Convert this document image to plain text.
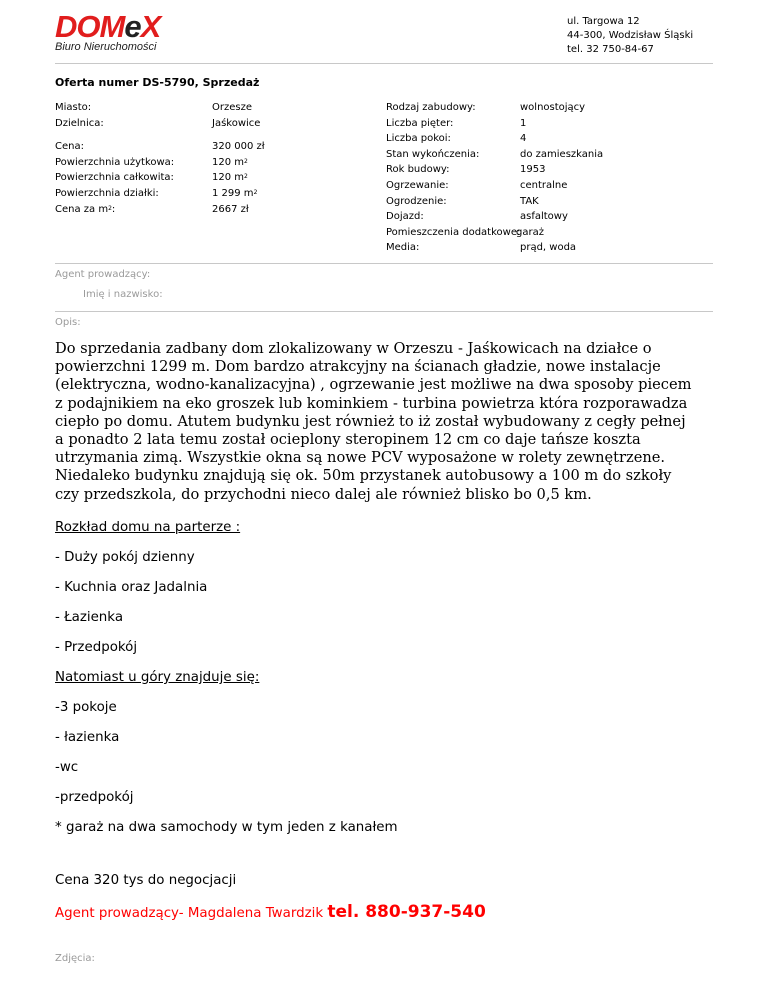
DOMeX
Biuro Nieruchomości
ul. Targowa 12
44-300, Wodzisław Śląski
tel. 32 750-84-67
Oferta numer DS-5790, Sprzedaż
Miasto:	Orzesze
Dzielnica:	Jaśkowice
Cena:	320 000 zł
Powierzchnia użytkowa:	120 $m^2$
Powierzchnia całkowita:	120 $m^2$
Powierzchnia działki:	1 299 $m^2$
Cena za $m^2$:	2667 zł
Rodzaj zabudowy:	wolnostojący
Liczba pięter:	1
Liczba pokoi:	4
Stan wykończenia:	do zamieszkania
Rok budowy:	1953
Ogrzewanie:	centralne
Ogrodzenie:	TAK
Dojazd:	asfaltowy
Pomieszczenia dodatkowe:
garaż
Media:	prąd, woda
Agent prowadzący:
Imię i nazwisko:
Opis:
Do sprzedania zadbany dom zlokalizowany w Orzeszu - Jaśkowicach na działce o powierzchni 1299 m. Dom bardzo atrakcyjny na ścianach gładzie, nowe instalacje (elektryczna, wodno-kanalizacyjna) , ogrzewanie jest możliwe na dwa sposoby piecem z podajnikiem na eko groszek lub kominkiem - turbina powietrza która rozporawadza ciepło po domu. Atutem budynku jest również to iż został wybudowany z cegły pełnej a ponadto 2 lata temu został ocieplony steropinem 12 cm co daje tańsze koszta utrzymania zimą. Wszystkie okna są nowe PCV wyposażone w rolety zewnętrzene. Niedaleko budynku znajdują się ok. 50m przystanek autobusowy a 100 m do szkoły czy przedszkola, do przychodni nieco dalej ale również blisko bo 0,5 km.
Rozkład domu na parterze :
- Duży pokój dzienny
- Kuchnia oraz Jadalnia
- Łazienka
- Przedpokój
Natomiast u góry znajduje się:
-3 pokoje
- łazienka
-wc
-przedpokój
* garaż na dwa samochody w tym jeden z kanałem
Cena 320 tys do negocjacji
Agent prowadzący- Magdalena Twardzik tel. 880-937-540
Zdjęcia:
